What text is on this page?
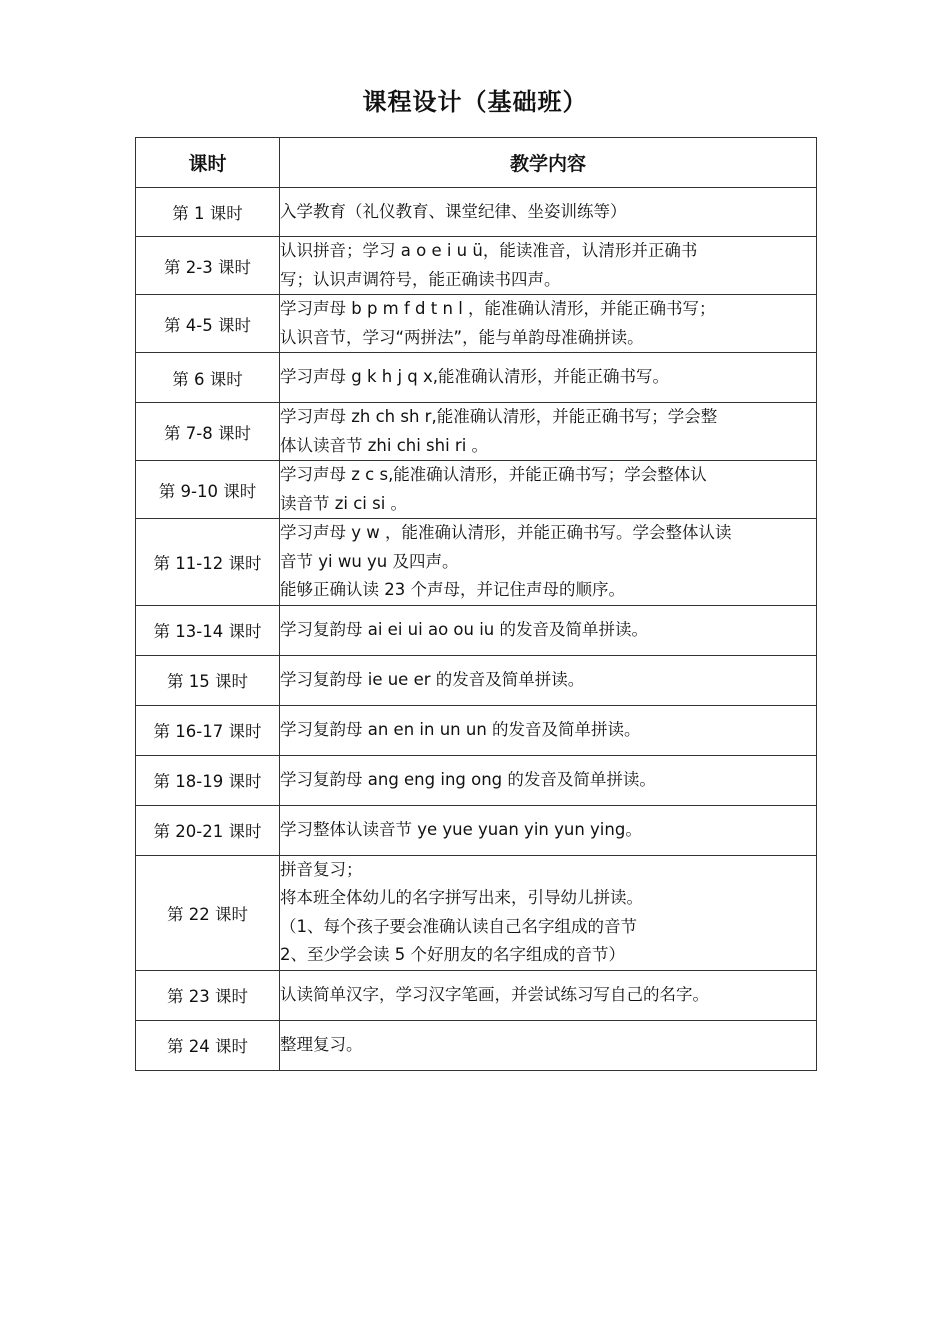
课程设计（基础班）
课时	教学内容
第 1 课时	入学教育（礼仪教育、课堂纪律、坐姿训练等）

第 2-3 课时	认识拼音；学习 a o e i u ü，能读准音，认清形并正确书
写；认识声调符号，能正确读书四声。

第 4-5 课时	学习声母 b p m f d t n l ，能准确认清形，并能正确书写；
认识音节，学习“两拼法”，能与单韵母准确拼读。

第 6 课时	学习声母 g k h j q x,能准确认清形，并能正确书写。

第 7-8 课时	学习声母 zh ch sh r,能准确认清形，并能正确书写；学会整
体认读音节 zhi chi shi ri 。

第 9-10 课时	学习声母 z c s,能准确认清形，并能正确书写；学会整体认
读音节 zi ci si 。

第 11-12 课时	学习声母 y w ，能准确认清形，并能正确书写。学会整体认读
音节 yi wu yu 及四声。
能够正确认读 23 个声母，并记住声母的顺序。

第 13-14 课时	学习复韵母 ai ei ui ao ou iu 的发音及简单拼读。

第 15 课时	学习复韵母 ie ue er 的发音及简单拼读。

第 16-17 课时	学习复韵母 an en in un un 的发音及简单拼读。

第 18-19 课时	学习复韵母 ang eng ing ong 的发音及简单拼读。

第 20-21 课时	学习整体认读音节 ye yue yuan yin yun ying。

第 22 课时	拼音复习；
将本班全体幼儿的名字拼写出来，引导幼儿拼读。
（1、每个孩子要会准确认读自己名字组成的音节
2、至少学会读 5 个好朋友的名字组成的音节）

第 23 课时	认读简单汉字，学习汉字笔画，并尝试练习写自己的名字。

第 24 课时	整理复习。
